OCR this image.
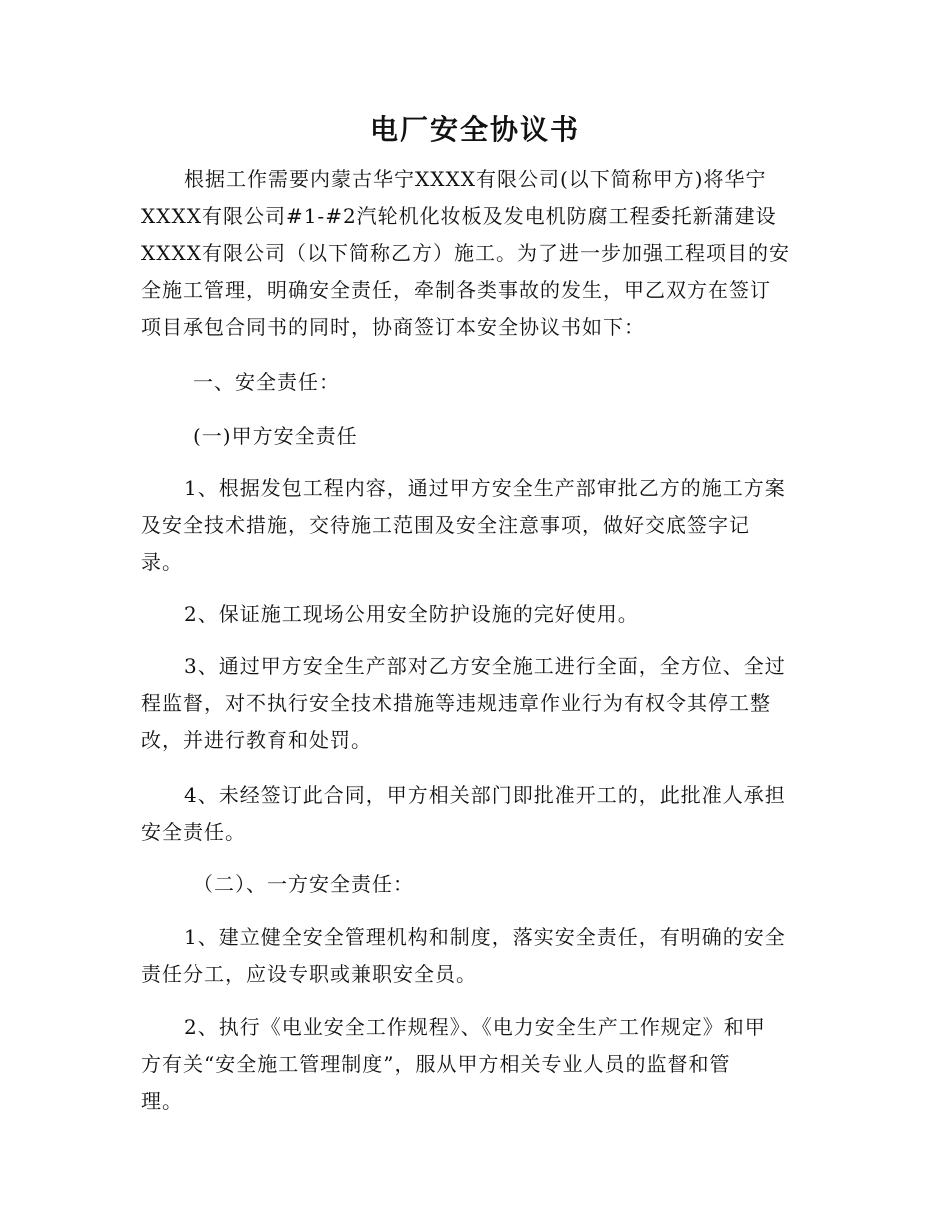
电厂安全协议书
根据工作需要内蒙古华宁XXXX有限公司(以下简称甲方)将华宁
XXXX有限公司#1-#2汽轮机化妆板及发电机防腐工程委托新蒲建设
XXXX有限公司（以下简称乙方）施工。为了进一步加强工程项目的安
全施工管理，明确安全责任，牵制各类事故的发生，甲乙双方在签订
项目承包合同书的同时，协商签订本安全协议书如下：
一、安全责任：
(一)甲方安全责任
1、根据发包工程内容，通过甲方安全生产部审批乙方的施工方案
及安全技术措施，交待施工范围及安全注意事项，做好交底签字记
录。
2、保证施工现场公用安全防护设施的完好使用。
3、通过甲方安全生产部对乙方安全施工进行全面，全方位、全过
程监督，对不执行安全技术措施等违规违章作业行为有权令其停工整
改，并进行教育和处罚。
4、未经签订此合同，甲方相关部门即批准开工的，此批准人承担
安全责任。
（二）、一方安全责任：
1、建立健全安全管理机构和制度，落实安全责任，有明确的安全
责任分工，应设专职或兼职安全员。
2、执行《电业安全工作规程》、《电力安全生产工作规定》和甲
方有关“安全施工管理制度”，服从甲方相关专业人员的监督和管
理。
